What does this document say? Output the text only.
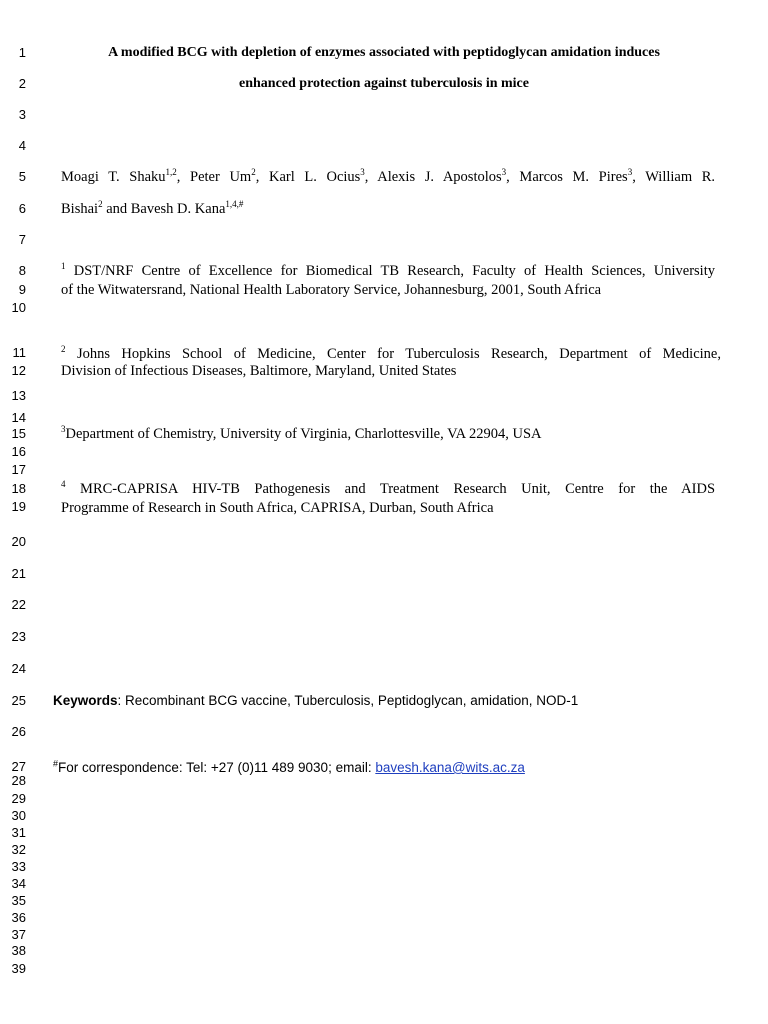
1
2
3
4
5
6
7
8
9
10
11
12
13
14
15
16
17
18
19
20
21
22
23
24
25
26
27
28
29
30
31
32
33
34
35
36
37
38
39
A modified BCG with depletion of enzymes associated with peptidoglycan amidation induces
enhanced protection against tuberculosis in mice
Moagi T. Shaku$^{1,2}$, Peter Um$^2$, Karl L. Ocius$^3$, Alexis J. Apostolos$^3$, Marcos M. Pires$^3$, William R.
Bishai$^2$ and Bavesh D. Kana$^{1,4,\#}$
$^1$ DST/NRF Centre of Excellence for Biomedical TB Research, Faculty of Health Sciences, University
of the Witwatersrand, National Health Laboratory Service, Johannesburg, 2001, South Africa
$^2$ Johns Hopkins School of Medicine, Center for Tuberculosis Research, Department of Medicine,
Division of Infectious Diseases, Baltimore, Maryland, United States
$^3$Department of Chemistry, University of Virginia, Charlottesville, VA 22904, USA
$^4$ MRC-CAPRISA HIV-TB Pathogenesis and Treatment Research Unit, Centre for the AIDS
Programme of Research in South Africa, CAPRISA, Durban, South Africa
Keywords: Recombinant BCG vaccine, Tuberculosis, Peptidoglycan, amidation, NOD-1
#For correspondence: Tel: +27 (0)11 489 9030; email: bavesh.kana@wits.ac.za
